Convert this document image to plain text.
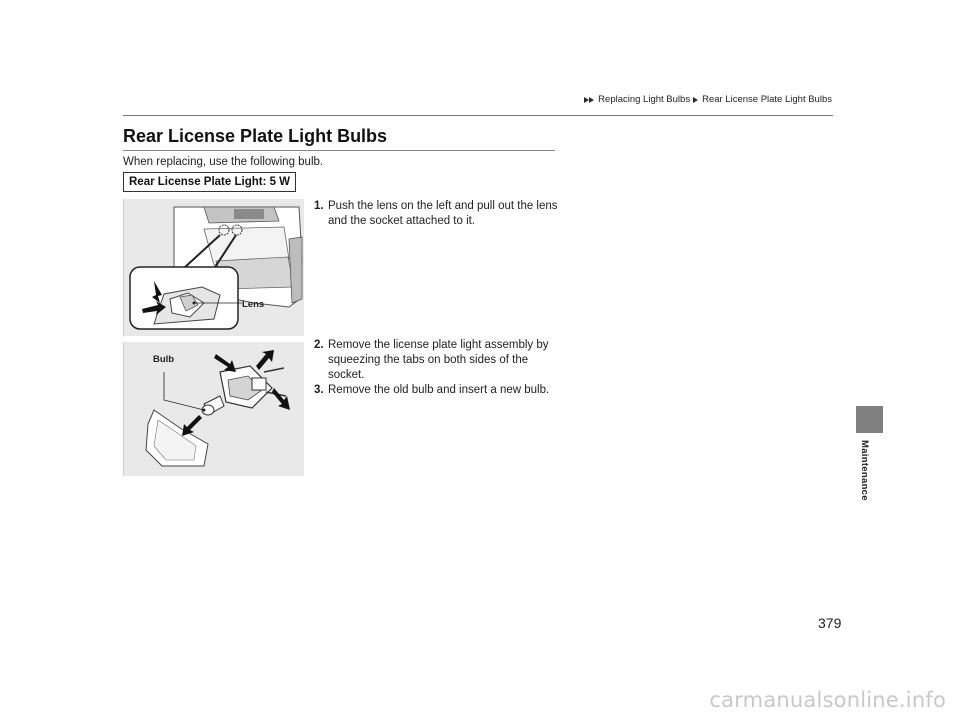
Replacing Light Bulbs Rear License Plate Light Bulbs
Rear License Plate Light Bulbs
When replacing, use the following bulb.
Rear License Plate Light: 5 W
Lens
Bulb
1. Push the lens on the left and pull out the lens and the socket attached to it.
2. Remove the license plate light assembly by squeezing the tabs on both sides of the socket.
3. Remove the old bulb and insert a new bulb.
Maintenance
379
carmanualsonline.info
